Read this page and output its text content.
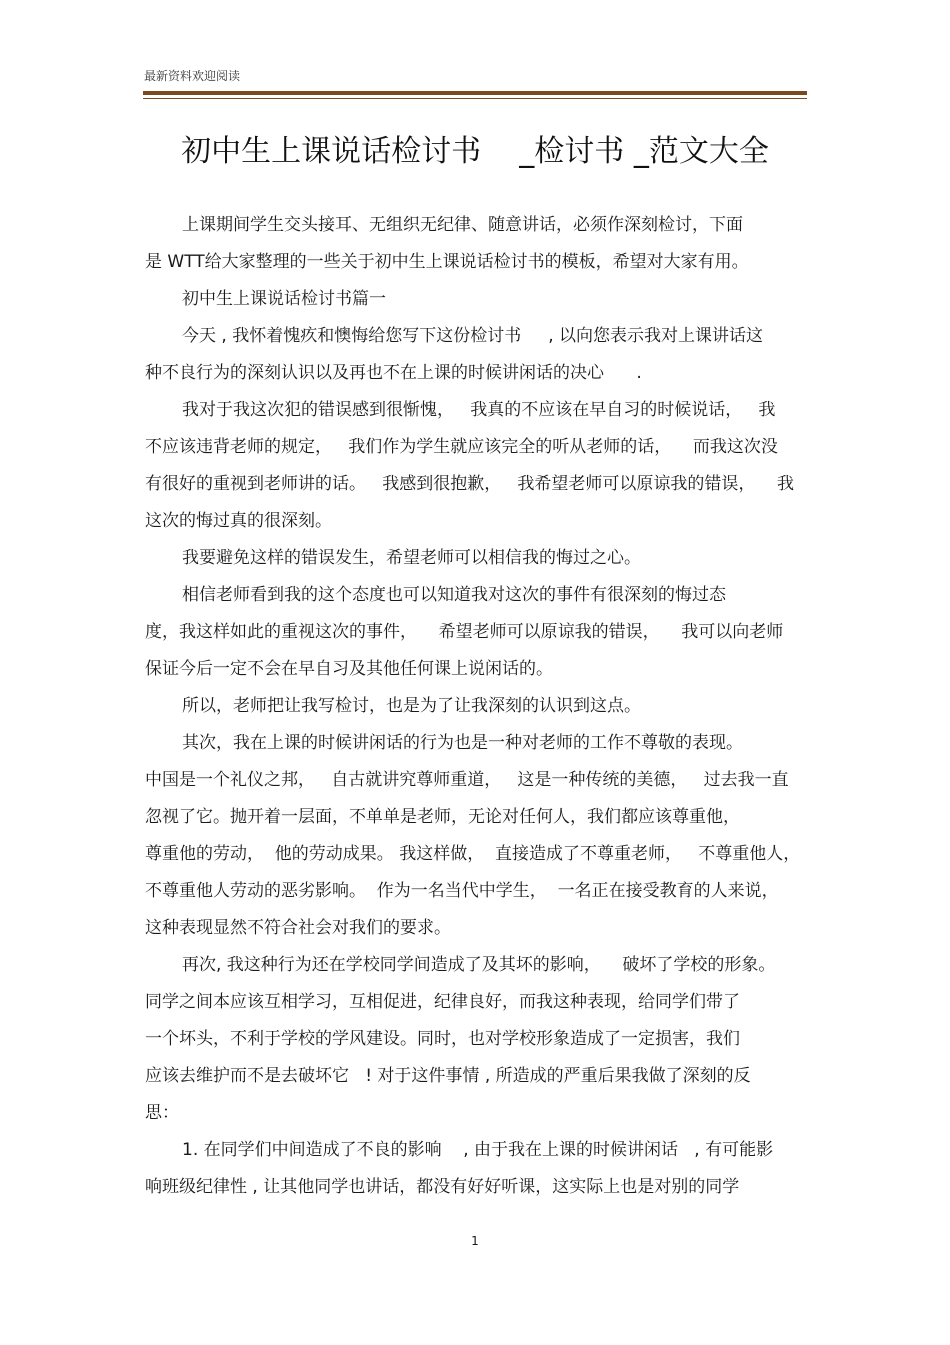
最新资料欢迎阅读
初中生上课说话检讨书    _检讨书 _范文大全
上课期间学生交头接耳、无组织无纪律、随意讲话，必须作深刻检讨，下面
是 WTT给大家整理的一些关于初中生上课说话检讨书的模板，希望对大家有用。
初中生上课说话检讨书篇一
今天 , 我怀着愧疚和懊悔给您写下这份检讨书     , 以向您表示我对上课讲话这
种不良行为的深刻认识以及再也不在上课的时候讲闲话的决心      .
我对于我这次犯的错误感到很惭愧，   我真的不应该在早自习的时候说话，   我
不应该违背老师的规定，   我们作为学生就应该完全的听从老师的话，    而我这次没
有很好的重视到老师讲的话。   我感到很抱歉，   我希望老师可以原谅我的错误，    我
这次的悔过真的很深刻。
我要避免这样的错误发生，希望老师可以相信我的悔过之心。
相信老师看到我的这个态度也可以知道我对这次的事件有很深刻的悔过态
度，我这样如此的重视这次的事件，    希望老师可以原谅我的错误，    我可以向老师
保证今后一定不会在早自习及其他任何课上说闲话的。
所以，老师把让我写检讨，也是为了让我深刻的认识到这点。
其次，我在上课的时候讲闲话的行为也是一种对老师的工作不尊敬的表现。
中国是一个礼仪之邦，   自古就讲究尊师重道，   这是一种传统的美德，   过去我一直
忽视了它。抛开着一层面，不单单是老师，无论对任何人，我们都应该尊重他，
尊重他的劳动，  他的劳动成果。 我这样做，  直接造成了不尊重老师，   不尊重他人，
不尊重他人劳动的恶劣影响。  作为一名当代中学生，  一名正在接受教育的人来说，
这种表现显然不符合社会对我们的要求。
再次, 我这种行为还在学校同学间造成了及其坏的影响，    破坏了学校的形象。
同学之间本应该互相学习，互相促进，纪律良好，而我这种表现，给同学们带了
一个坏头，不利于学校的学风建设。同时，也对学校形象造成了一定损害，我们
应该去维护而不是去破坏它   ! 对于这件事情 , 所造成的严重后果我做了深刻的反
思：
1. 在同学们中间造成了不良的影响    , 由于我在上课的时候讲闲话   , 有可能影
响班级纪律性 , 让其他同学也讲话，都没有好好听课，这实际上也是对别的同学
1
